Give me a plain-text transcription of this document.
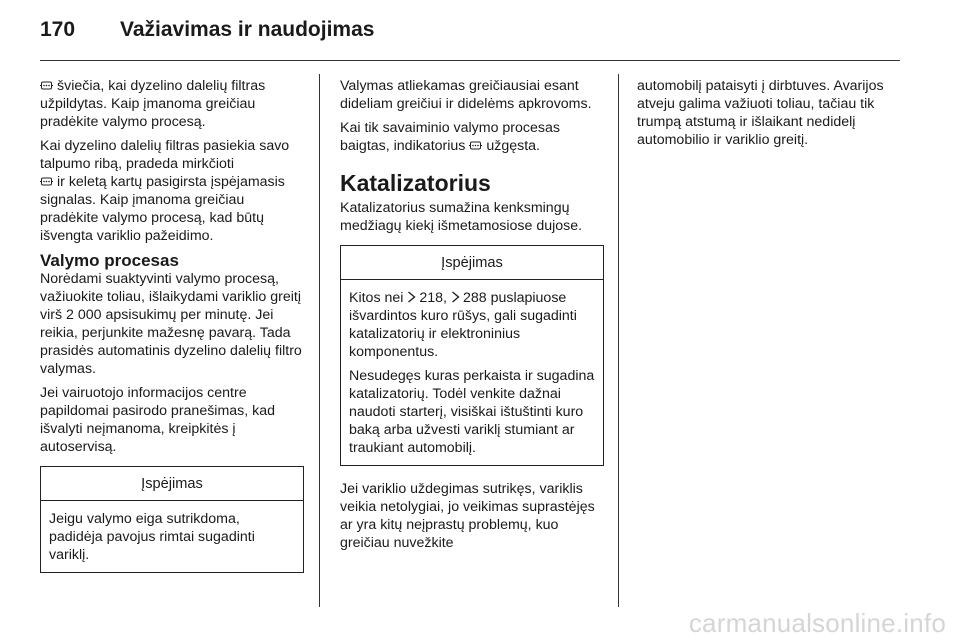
170	Važiavimas ir naudojimas

šviečia, kai dyzelino dalelių filtras užpildytas. Kaip įmanoma greičiau pradėkite valymo procesą.

Kai dyzelino dalelių filtras pasiekia savo talpumo ribą, pradeda mirkčioti

ir keletą kartų pasigirsta įspėjamasis signalas. Kaip įmanoma greičiau pradėkite valymo procesą, kad būtų išvengta variklio pažeidimo.

Valymo procesas

Norėdami suaktyvinti valymo procesą, važiuokite toliau, išlaikydami variklio greitį virš 2 000 apsisukimų per minutę. Jei reikia, perjunkite mažesnę pavarą. Tada prasidės automatinis dyzelino dalelių filtro valymas.

Jei vairuotojo informacijos centre papildomai pasirodo pranešimas, kad išvalyti neįmanoma, kreipkitės į autoservisą.

Įspėjimas

Jeigu valymo eiga sutrikdoma, padidėja pavojus rimtai sugadinti variklį.

Valymas atliekamas greičiausiai esant dideliam greičiui ir didelėms apkrovoms.

Kai tik savaiminio valymo procesas baigtas, indikatorius užgęsta.

Katalizatorius

Katalizatorius sumažina kenksmingų medžiagų kiekį išmetamosiose dujose.

Įspėjimas

Kitos nei 218, 288 puslapiuose išvardintos kuro rūšys, gali sugadinti katalizatorių ir elektroninius komponentus.

Nesudegęs kuras perkaista ir sugadina katalizatorių. Todėl venkite dažnai naudoti starterį, visiškai ištuštinti kuro baką arba užvesti variklį stumiant ar traukiant automobilį.

Jei variklio uždegimas sutrikęs, variklis veikia netolygiai, jo veikimas suprastėjęs ar yra kitų neįprastų problemų, kuo greičiau nuvežkite

automobilį pataisyti į dirbtuves. Avarijos atveju galima važiuoti toliau, tačiau tik trumpą atstumą ir išlaikant nedidelį automobilio ir variklio greitį.

carmanualsonline.info
